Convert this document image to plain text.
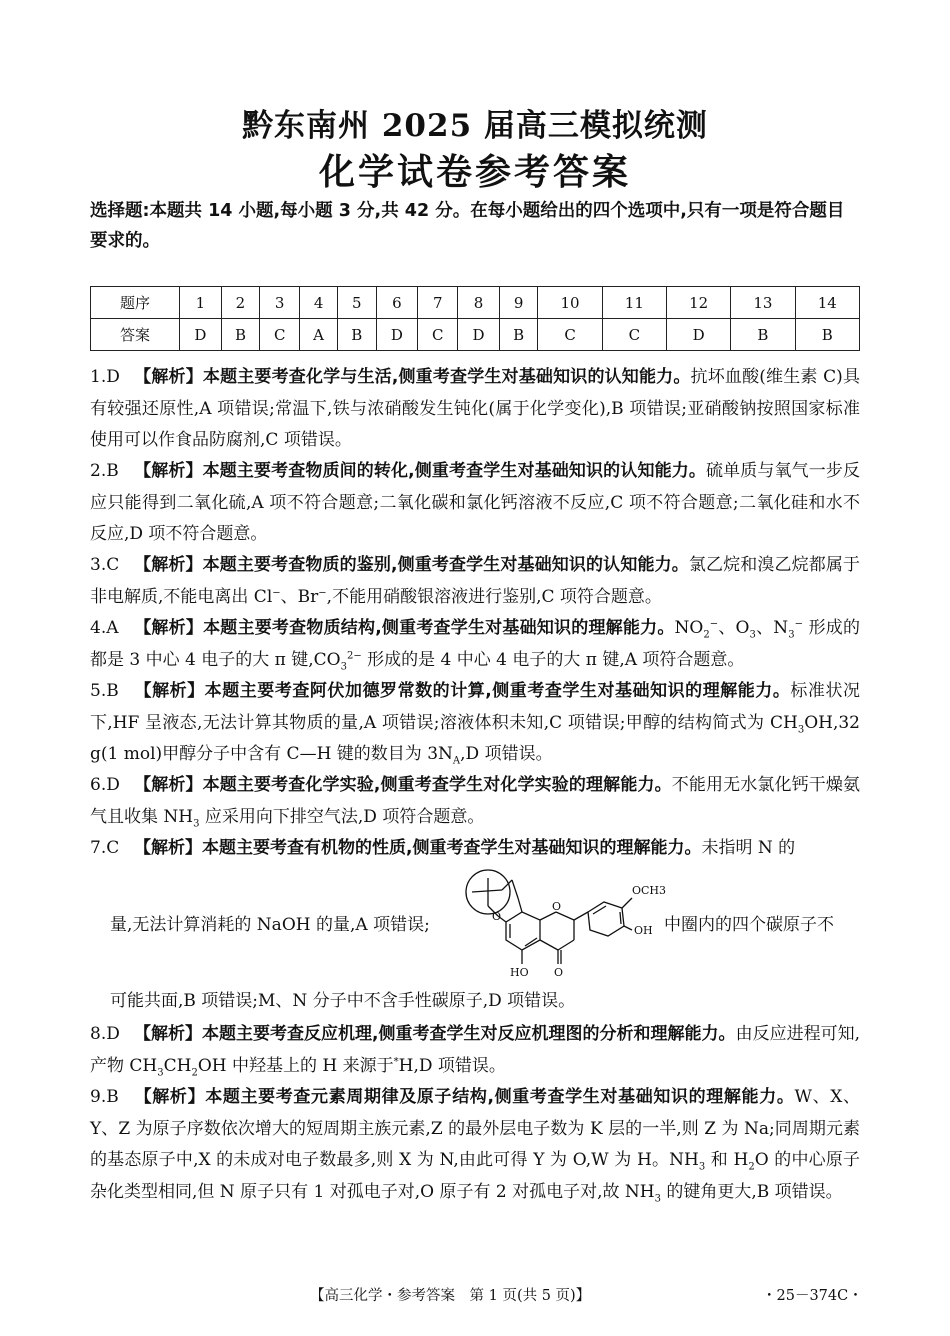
黔东南州 2025 届高三模拟统测
化学试卷参考答案
选择题:本题共 14 小题,每小题 3 分,共 42 分。在每小题给出的四个选项中,只有一项是符合题目要求的。
题序	1	2	3	4	5	6	7	8	9	10	11	12	13	14
答案	D	B	C	A	B	D	C	D	B	C	C	D	B	B
1.D 【解析】本题主要考查化学与生活,侧重考查学生对基础知识的认知能力。抗坏血酸(维生素 C)具有较强还原性,A 项错误;常温下,铁与浓硝酸发生钝化(属于化学变化),B 项错误;亚硝酸钠按照国家标准使用可以作食品防腐剂,C 项错误。
2.B 【解析】本题主要考查物质间的转化,侧重考查学生对基础知识的认知能力。硫单质与氧气一步反应只能得到二氧化硫,A 项不符合题意;二氧化碳和氯化钙溶液不反应,C 项不符合题意;二氧化硅和水不反应,D 项不符合题意。
3.C 【解析】本题主要考查物质的鉴别,侧重考查学生对基础知识的认知能力。氯乙烷和溴乙烷都属于非电解质,不能电离出 Cl−、Br−,不能用硝酸银溶液进行鉴别,C 项符合题意。
4.A 【解析】本题主要考查物质结构,侧重考查学生对基础知识的理解能力。$NO_2^-$、$O_3$、$N_3^-$ 形成的都是 3 中心 4 电子的大 π 键$,CO_3^{2-}$ 形成的是 4 中心 4 电子的大 π 键,A 项符合题意。
5.B 【解析】本题主要考查阿伏加德罗常数的计算,侧重考查学生对基础知识的理解能力。标准状况下,HF 呈液态,无法计算其物质的量,A 项错误;溶液体积未知,C 项错误;甲醇的结构简式为 $CH_3OH,32$ g(1 mol)甲醇分子中含有 C—H 键的数目为 $3N_A,D$ 项错误。
6.D 【解析】本题主要考查化学实验,侧重考查学生对化学实验的理解能力。不能用无水氯化钙干燥氨气且收集 $NH_3$ 应采用向下排空气法,D 项符合题意。
7.C 【解析】本题主要考查有机物的性质,侧重考查学生对基础知识的理解能力。未指明 N 的
量,无法计算消耗的 NaOH 的量,A 项错误;	中圈内的四个碳原子不
OCH3
OH
HO O
O
O
可能共面,B 项错误;M、N 分子中不含手性碳原子,D 项错误。
8.D 【解析】本题主要考查反应机理,侧重考查学生对反应机理图的分析和理解能力。由反应进程可知,产物 $CH_3CH_2OH$ 中羟基上的 H 来源于*H,D 项错误。
9.B 【解析】本题主要考查元素周期律及原子结构,侧重考查学生对基础知识的理解能力。W、X、Y、Z 为原子序数依次增大的短周期主族元素,Z 的最外层电子数为 K 层的一半,则 Z 为 Na;同周期元素的基态原子中,X 的未成对电子数最多,则 X 为 N,由此可得 Y 为 O,W 为 H。$NH_3$ 和 $H_2O$ 的中心原子杂化类型相同,但 N 原子只有 1 对孤电子对,O 原子有 2 对孤电子对,故 $NH_3$ 的键角更大,B 项错误。
【高三化学・参考答案　第 1 页(共 5 页)】	・25－374C・
